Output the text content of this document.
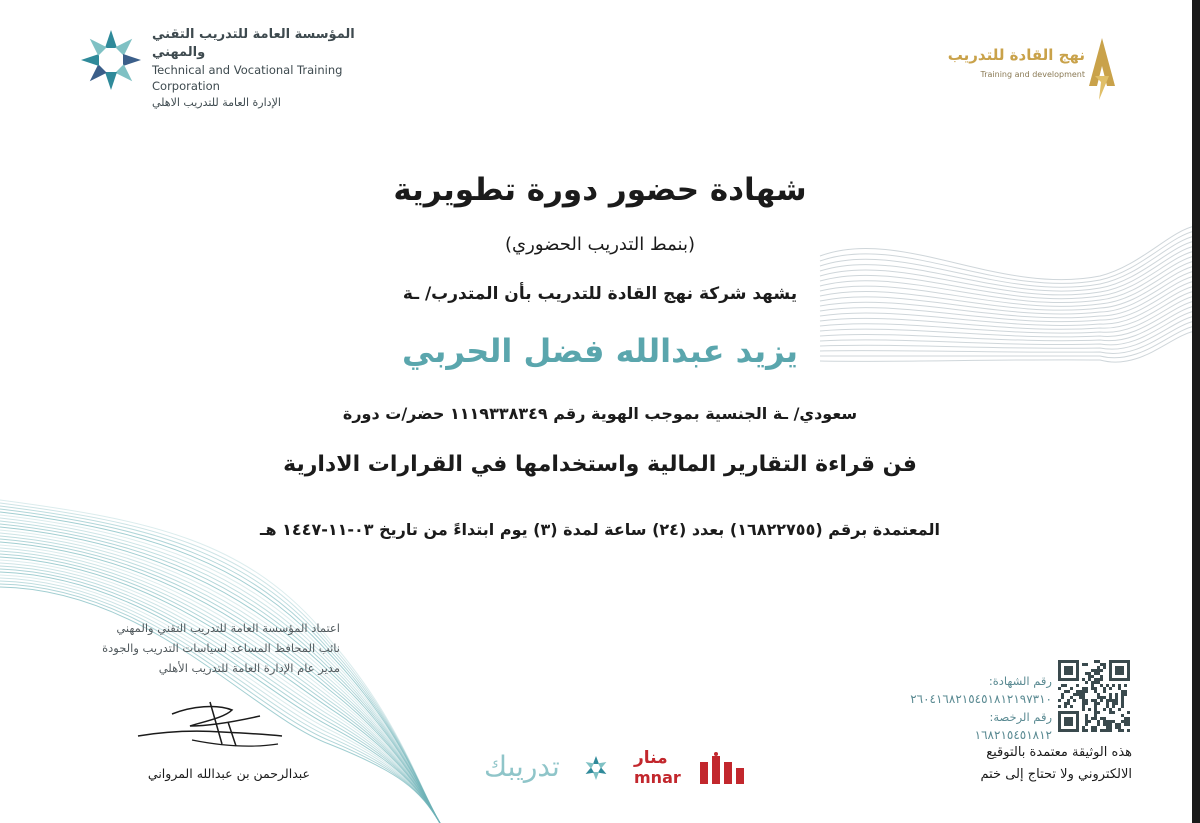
المؤسسة العامة للتدريب التقني والمهني
Technical and Vocational Training Corporation
الإدارة العامة للتدريب الاهلي
نهج القادة للتدريب
Training and development
شهادة حضور دورة تطويرية
(بنمط التدريب الحضوري)
يشهد شركة نهج القادة للتدريب بأن المتدرب/ ـة
يزيد عبدالله فضل الحربي
سعودي/ ـة الجنسية بموجب الهوية رقم ١١١٩٣٣٨٣٤٩ حضر/ت دورة
فن قراءة التقارير المالية واستخدامها في القرارات الادارية
المعتمدة برقم (١٦٨٢٢٧٥٥) بعدد (٢٤) ساعة لمدة (٣) يوم ابتداءً من تاريخ ٠٣-١١-١٤٤٧ هـ
اعتماد المؤسسة العامة للتدريب التقني والمهني
نائب المحافظ المساعد لسياسات التدريب والجودة
مدير عام الإدارة العامة للتدريب الأهلي
عبدالرحمن بن عبدالله المرواني	تدريبك	منار
mnar
رقم الشهادة:
٢٦٠٤١٦٨٢١٥٤٥١٨١٢١٩٧٣١٠
رقم الرخصة:
١٦٨٢١٥٤٥١٨١٢
هذه الوثيقة معتمدة بالتوقيع
الالكتروني ولا تحتاج إلى ختم
